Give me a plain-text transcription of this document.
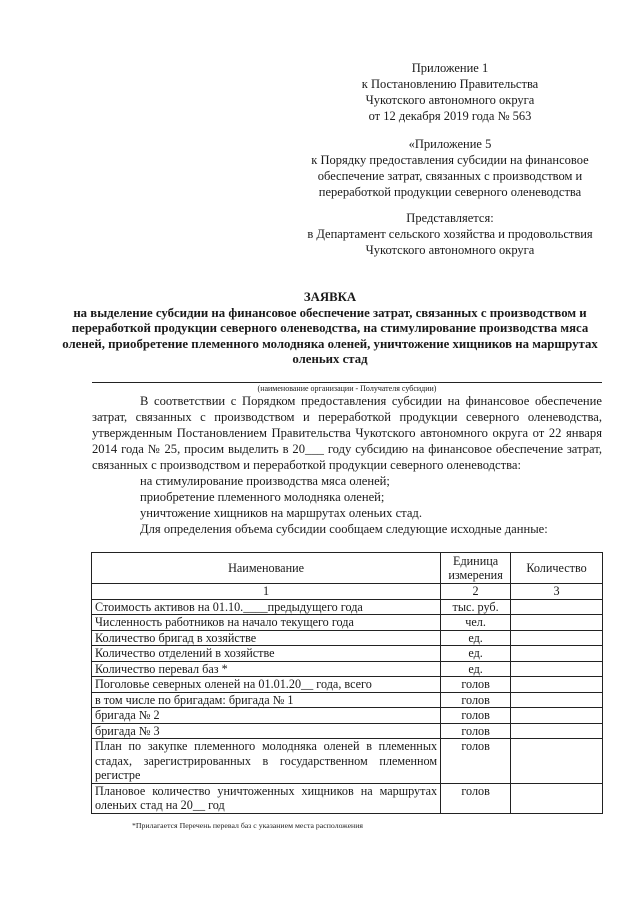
Приложение 1
к Постановлению Правительства
Чукотского автономного округа
от 12 декабря 2019 года № 563
«Приложение 5
к Порядку предоставления субсидии на финансовое
обеспечение затрат, связанных с производством и
переработкой продукции северного оленеводства
Представляется:
в Департамент сельского хозяйства и продовольствия
Чукотского автономного округа
ЗАЯВКА
на выделение субсидии на финансовое обеспечение затрат, связанных с производством и переработкой продукции северного оленеводства, на стимулирование производства мяса оленей, приобретение племенного молодняка оленей, уничтожение хищников на маршрутах оленьих стад
(наименование организации - Получателя субсидии)

В соответствии с Порядком предоставления субсидии на финансовое обеспечение затрат, связанных с производством и переработкой продукции северного оленеводства, утвержденным Постановлением Правительства Чукотского автономного округа от 22 января 2014 года № 25, просим выделить в 20___ году субсидию на финансовое обеспечение затрат, связанных с производством и переработкой продукции северного оленеводства:

на стимулирование производства мяса оленей;
приобретение племенного молодняка оленей;
уничтожение хищников на маршрутах оленьих стад.
Для определения объема субсидии сообщаем следующие исходные данные:
Наименование	Единица измерения	Количество
1	2	3
Стоимость активов на 01.10.____предыдущего года	тыс. руб.	
Численность работников на начало текущего года	чел.	
Количество бригад в хозяйстве	ед.	
Количество отделений в хозяйстве	ед.	
Количество перевал баз *	ед.	
Поголовье северных оленей на 01.01.20__ года, всего	голов	
в том числе по бригадам: бригада № 1	голов	
бригада № 2	голов	
бригада № 3	голов	
План по закупке племенного молодняка оленей в племенных стадах, зарегистрированных в государственном племенном регистре	голов	
Плановое количество уничтоженных хищников на маршрутах оленьих стад на 20__ год	голов	
*Прилагается Перечень перевал баз с указанием места расположения
